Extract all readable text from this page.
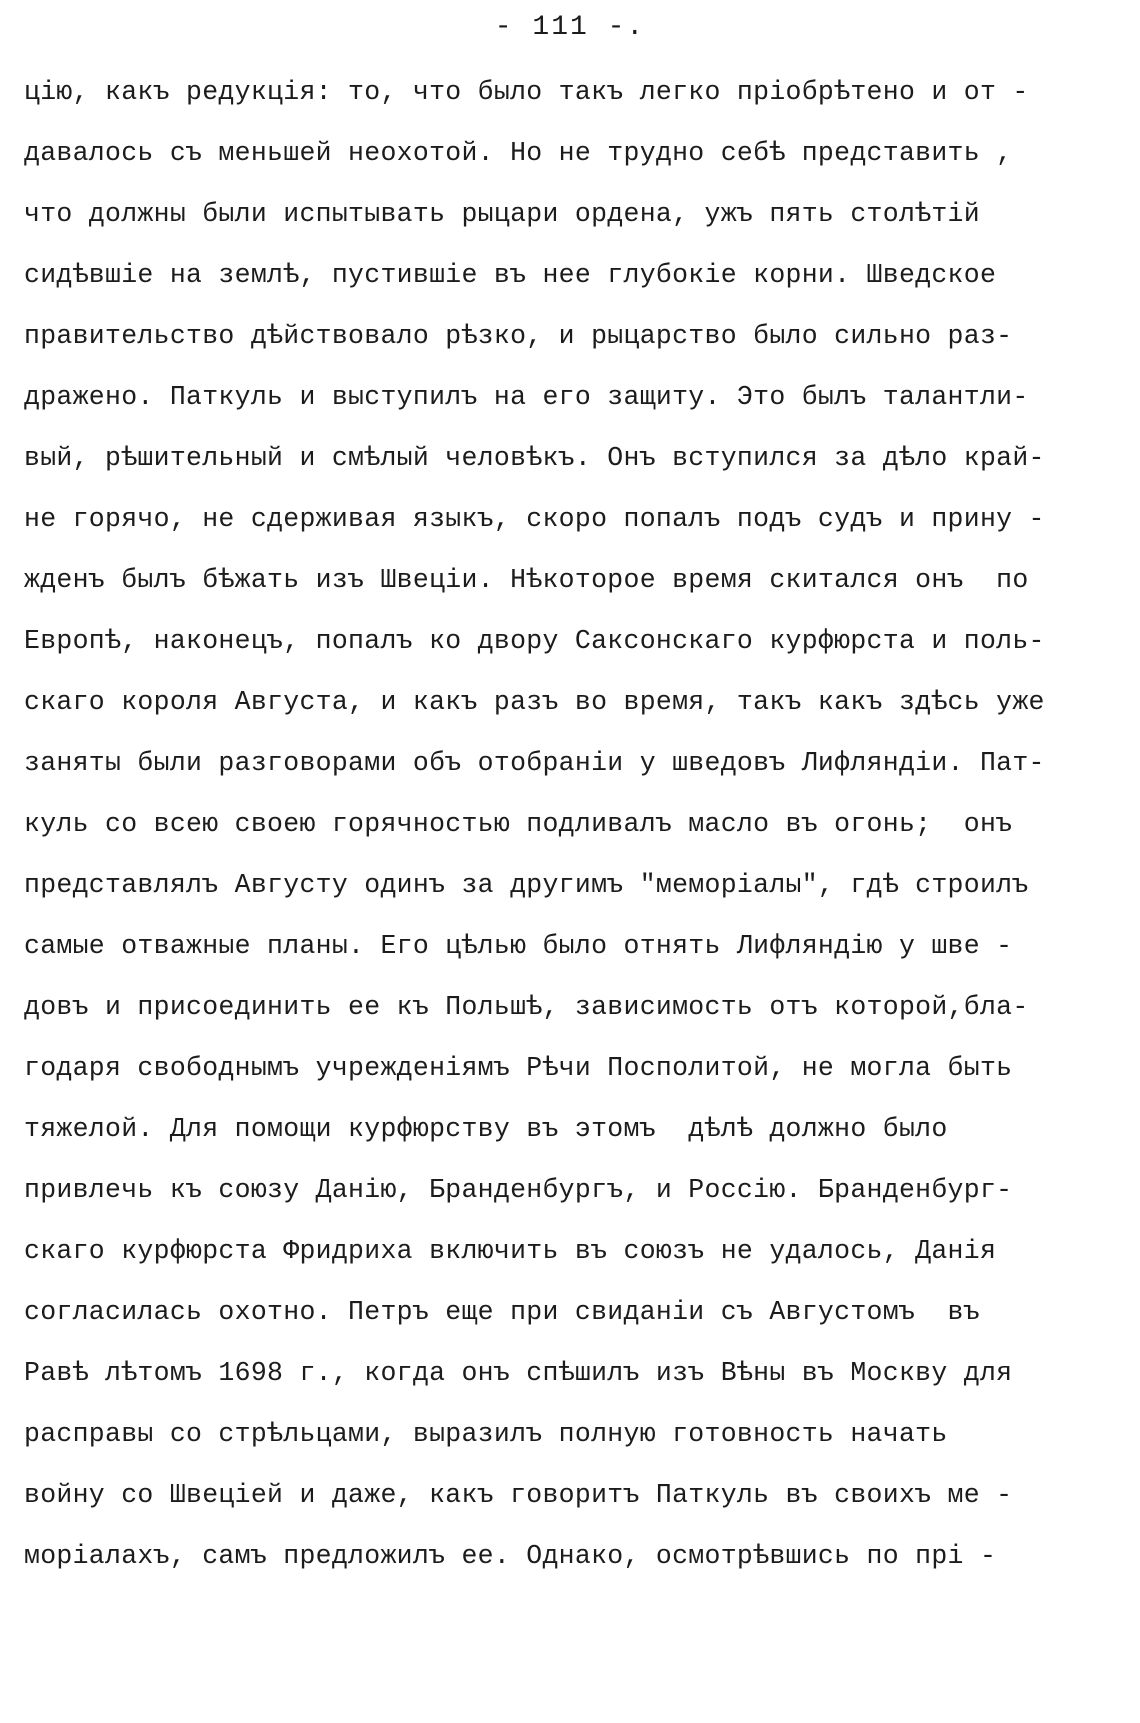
- 111 -.
цію, какъ редукція: то, что было такъ легко пріобрѣтено и от -
давалось съ меньшей неохотой. Но не трудно себѣ представить ,
что должны были испытывать рыцари ордена, ужъ пять столѣтій
сидѣвшіе на землѣ, пустившіе въ нее глубокіе корни. Шведское
правительство дѣйствовало рѣзко, и рыцарство было сильно раз-
дражено. Паткуль и выступилъ на его защиту. Это былъ талантли-
вый, рѣшительный и смѣлый человѣкъ. Онъ вступился за дѣло край-
не горячо, не сдерживая языкъ, скоро попалъ подъ судъ и прину -
жденъ былъ бѣжать изъ Швеціи. Нѣкоторое время скитался онъ  по
Европѣ, наконецъ, попалъ ко двору Саксонскаго курфюрста и поль-
скаго короля Августа, и какъ разъ во время, такъ какъ здѣсь уже
заняты были разговорами объ отобраніи у шведовъ Лифляндіи. Пат-
куль со всею своею горячностью подливалъ масло въ огонь;  онъ
представлялъ Августу одинъ за другимъ "меморіалы", гдѣ строилъ
самые отважные планы. Его цѣлью было отнять Лифляндію у шве -
довъ и присоединить ее къ Польшѣ, зависимость отъ которой,бла-
годаря свободнымъ учрежденіямъ Рѣчи Посполитой, не могла быть
тяжелой. Для помощи курфюрству въ этомъ  дѣлѣ должно было
привлечь къ союзу Данію, Бранденбургъ, и Россію. Бранденбург-
скаго курфюрста Фридриха включить въ союзъ не удалось, Данія
согласилась охотно. Петръ еще при свиданіи съ Августомъ  въ
Равѣ лѣтомъ 1698 г., когда онъ спѣшилъ изъ Вѣны въ Москву для
расправы со стрѣльцами, выразилъ полную готовность начать
войну со Швеціей и даже, какъ говоритъ Паткуль въ своихъ ме -
моріалахъ, самъ предложилъ ее. Однако, осмотрѣвшись по прі -
